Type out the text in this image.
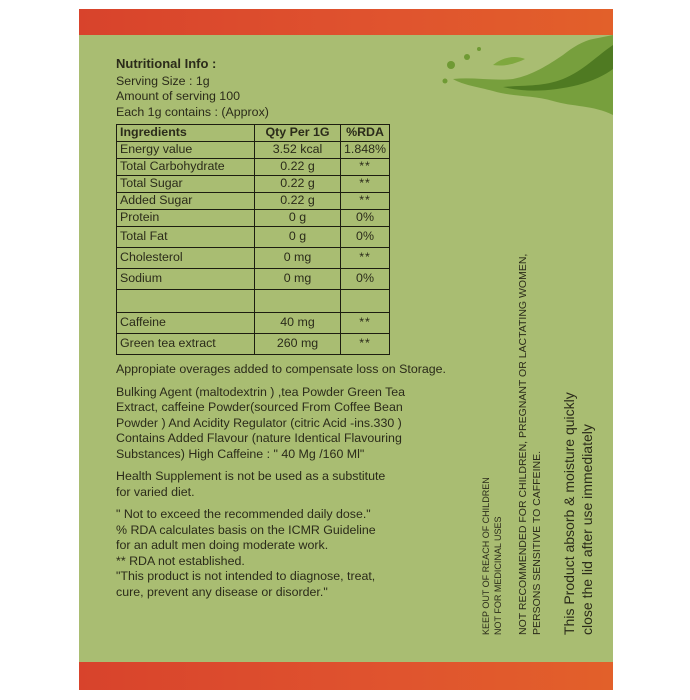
Nutritional Info :

Serving Size : 1g

Amount of serving 100

Each 1g contains : (Approx)

Ingredients	Qty Per 1G	%RDA
Energy value	3.52 kcal	1.848%
Total Carbohydrate	0.22 g	**
Total Sugar	0.22 g	**
Added Sugar	0.22 g	**
Protein	0 g	0%
Total Fat	0 g	0%
Cholesterol	0 mg	**
Sodium	0 mg	0%

Caffeine	40 mg	**
Green tea extract	260 mg	**

Appropiate overages added to compensate loss on Storage.

Bulking Agent (maltodextrin ) ,tea Powder Green Tea

Extract, caffeine Powder(sourced From Coffee Bean

Powder ) And Acidity Regulator (citric Acid -ins.330 )

Contains Added Flavour (nature Identical Flavouring

Substances) High Caffeine : " 40 Mg /160 Ml"

Health Supplement is not be used as a substitute

for varied diet.

" Not to exceed the recommended daily dose."

% RDA calculates basis on the ICMR Guideline

for an adult men doing moderate work.

** RDA not established.

"This product is not intended to diagnose, treat,

cure, prevent any disease or disorder."	KEEP OUT OF REACH OF CHILDREN NOT FOR MEDICINAL USES NOT RECOMMENDED FOR CHILDREN, PREGNANT OR LACTATING WOMEN, PERSONS SENSITIVE TO CAFFEINE. This Product absorb & moisture quickly close the lid after use immediately
